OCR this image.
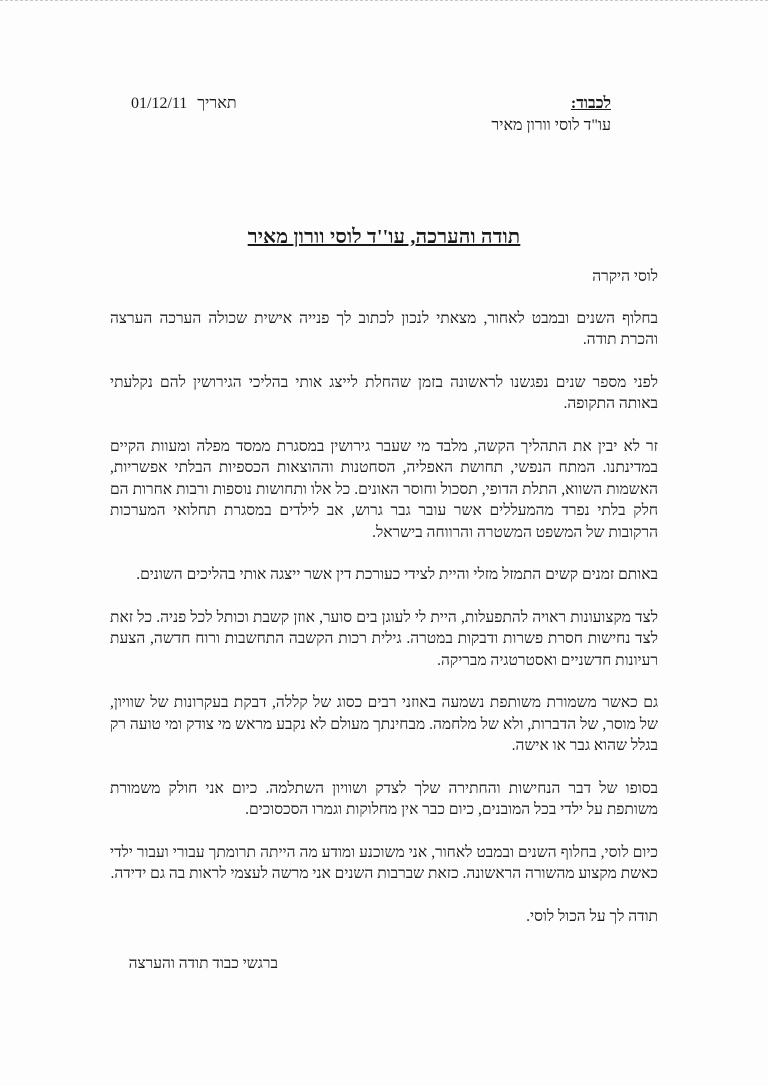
לכבוד:
תאריך 01/12/11
עו"ד לוסי וורון מאיר
תודה והערכה, עו''ד לוסי וורון מאיר

לוסי היקרה

בחלוף השנים ובמבט לאחור, מצאתי לנכון לכתוב לך פנייה אישית שכולה הערכה הערצה והכרת תודה.

לפני מספר שנים נפגשנו לראשונה בזמן שהחלת לייצג אותי בהליכי הגירושין להם נקלעתי באותה התקופה.

זר לא יבין את התהליך הקשה, מלבד מי שעבר גירושין במסגרת ממסד מפלה ומעוות הקיים במדינתנו. המתח הנפשי, תחושת האפליה, הסחטנות וההוצאות הכספיות הבלתי אפשריות, האשמות השווא, התלת הדופי, תסכול וחוסר האונים. כל אלו ותחושות נוספות ורבות אחרות הם חלק בלתי נפרד מהמעללים אשר עובר גבר גרוש, אב לילדים במסגרת תחלואי המערכות הרקובות של המשפט המשטרה והרווחה בישראל.

באותם זמנים קשים התמזל מזלי והיית לצידי כעורכת דין אשר ייצגה אותי בהליכים השונים.

לצד מקצועונות ראויה להתפעלות, היית לי לעוגן בים סוער, אוזן קשבת וכותל לכל פניה. כל זאת לצד נחישות חסרת פשרות ודבקות במטרה. גילית רכות הקשבה התחשבות ורוח חדשה, הצעת רעיונות חדשניים ואסטרטגיה מבריקה.

גם כאשר משמורת משותפת נשמעה באוזני רבים כסוג של קללה, דבקת בעקרונות של שוויון, של מוסר, של הדברות, ולא של מלחמה. מבחינתך מעולם לא נקבע מראש מי צודק ומי טועה רק בגלל שהוא גבר או אישה.

בסופו של דבר הנחישות והחתירה שלך לצדק ושוויון השתלמה. כיום אני חולק משמורת משותפת על ילדי בכל המובנים, כיום כבר אין מחלוקות וגמרו הסכסוכים.

כיום לוסי, בחלוף השנים ובמבט לאחור, אני משוכנע ומודע מה הייתה תרומתך עבורי ועבור ילדי כאשת מקצוע מהשורה הראשונה. כזאת שברבות השנים אני מרשה לעצמי לראות בה גם ידידה.

תודה לך על הכול לוסי.

ברגשי כבוד תודה והערצה
